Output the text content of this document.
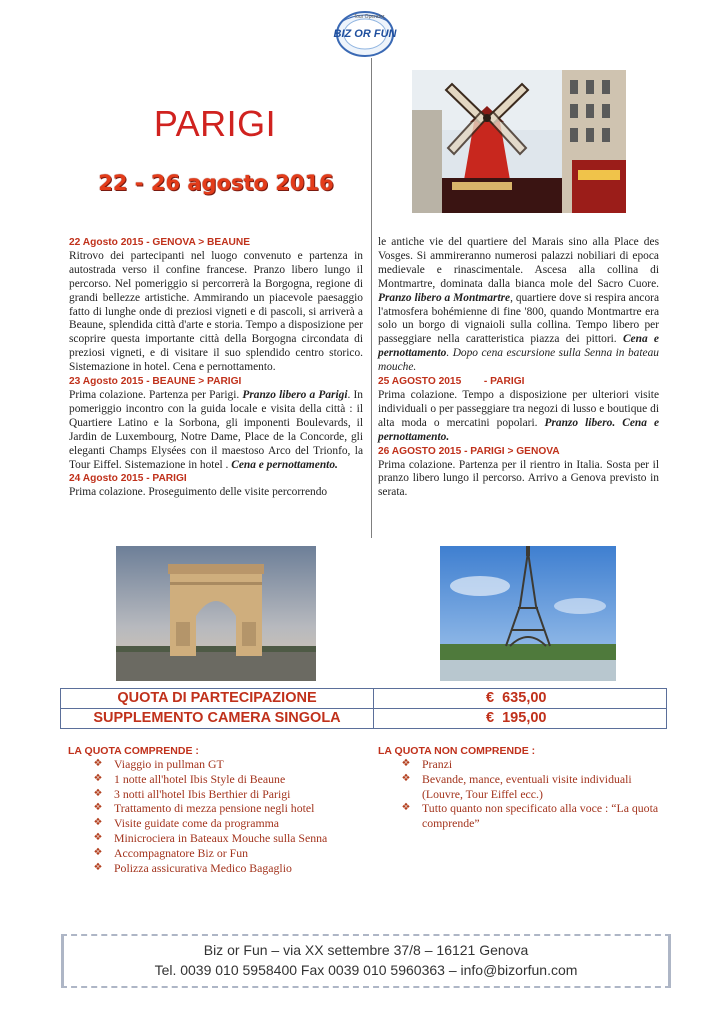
Tour Operator
BIZ OR FUN
PARIGI
22 - 26 agosto 2016
22 Agosto 2015 - GENOVA > BEAUNE

Ritrovo dei partecipanti nel luogo convenuto e partenza in autostrada verso il confine francese. Pranzo libero lungo il percorso. Nel pomeriggio si percorrerà la Borgogna, regione di grandi bellezze artistiche. Ammirando un piacevole paesaggio fatto di lunghe onde di preziosi vigneti e di pascoli, si arriverà a Beaune, splendida città d'arte e storia. Tempo a disposizione per scoprire questa importante città della Borgogna circondata di preziosi vigneti, e di visitare il suo splendido centro storico. Sistemazione in hotel. Cena e pernottamento.

23 Agosto 2015 - BEAUNE > PARIGI

Prima colazione. Partenza per Parigi. Pranzo libero a Parigi. In pomeriggio incontro con la guida locale e visita della città : il Quartiere Latino e la Sorbona, gli imponenti Boulevards, il Jardin de Luxembourg, Notre Dame, Place de la Concorde, gli eleganti Champs Elysées con il maestoso Arco del Trionfo, la Tour Eiffel. Sistemazione in hotel . Cena e pernottamento.

24 Agosto 2015 - PARIGI

Prima colazione. Proseguimento delle visite percorrendo

le antiche vie del quartiere del Marais sino alla Place des Vosges. Si ammireranno numerosi palazzi nobiliari di epoca medievale e rinascimentale. Ascesa alla collina di Montmartre, dominata dalla bianca mole del Sacro Cuore. Pranzo libero a Montmartre, quartiere dove si respira ancora l'atmosfera bohémienne di fine '800, quando Montmartre era solo un borgo di vignaioli sulla collina. Tempo libero per passeggiare nella caratteristica piazza dei pittori. Cena e pernottamento. Dopo cena escursione sulla Senna in bateau mouche.

25 AGOSTO 2015        - PARIGI

Prima colazione. Tempo a disposizione per ulteriori visite individuali o per passeggiare tra negozi di lusso e boutique di alta moda o mercatini popolari. Pranzo libero. Cena e pernottamento.

26 AGOSTO 2015 - PARIGI > GENOVA

Prima colazione. Partenza per il rientro in Italia. Sosta per il pranzo libero lungo il percorso. Arrivo a Genova previsto in serata.

QUOTA DI PARTECIPAZIONE	€  635,00
SUPPLEMENTO CAMERA SINGOLA	€  195,00
LA QUOTA COMPRENDE :
❖ Viaggio in pullman GT
❖ 1 notte all'hotel Ibis Style di Beaune
❖ 3 notti all'hotel Ibis Berthier di Parigi
❖ Trattamento di mezza pensione negli hotel
❖ Visite guidate come da programma
❖ Minicrociera in Bateaux Mouche sulla Senna
❖ Accompagnatore Biz or Fun
❖ Polizza assicurativa Medico Bagaglio
LA QUOTA NON COMPRENDE :
❖ Pranzi
❖ Bevande, mance, eventuali visite individuali (Louvre, Tour Eiffel ecc.)
❖ Tutto quanto non specificato alla voce : “La quota comprende”
Biz or Fun – via XX settembre 37/8 – 16121 Genova
Tel. 0039 010 5958400 Fax 0039 010 5960363 – info@bizorfun.com
